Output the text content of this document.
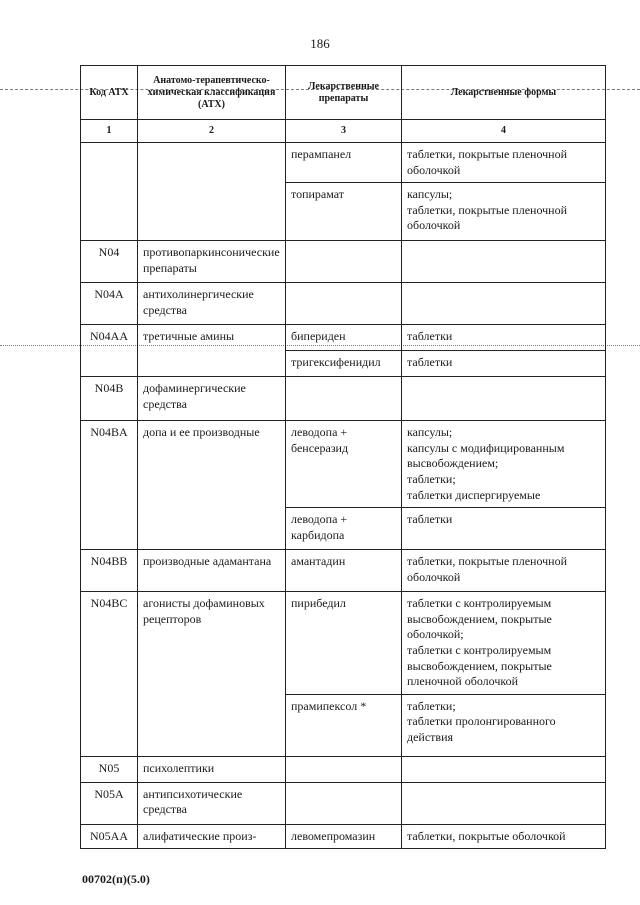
186
Код АТХ	Анатомо-терапевтическо-химическая классификация (АТХ)	Лекарственные препараты	Лекарственные формы
1	2	3	4
		перампанел	таблетки, покрытые пленочной оболочкой
		топирамат	капсулы;
таблетки, покрытые пленочной оболочкой
N04	противопаркинсонические препараты		
N04A	антихолинергические средства		
N04AA	третичные амины	бипериден	таблетки
		тригексифенидил	таблетки
N04B	дофаминергические средства		
N04BA	допа и ее производные	леводопа + бенсеразид	капсулы;
капсулы с модифицированным высвобождением;
таблетки;
таблетки диспергируемые
		леводопа + карбидопа	таблетки
N04BB	производные адамантана	амантадин	таблетки, покрытые пленочной оболочкой
N04BC	агонисты дофаминовых рецепторов	пирибедил	таблетки с контролируемым высвобождением, покрытые оболочкой;
таблетки с контролируемым высвобождением, покрытые пленочной оболочкой
		прамипексол *	таблетки;
таблетки пролонгированного действия
N05	психолептики		
N05A	антипсихотические средства		
N05AA	алифатические произ-	левомепромазин	таблетки, покрытые оболочкой
00702(п)(5.0)
